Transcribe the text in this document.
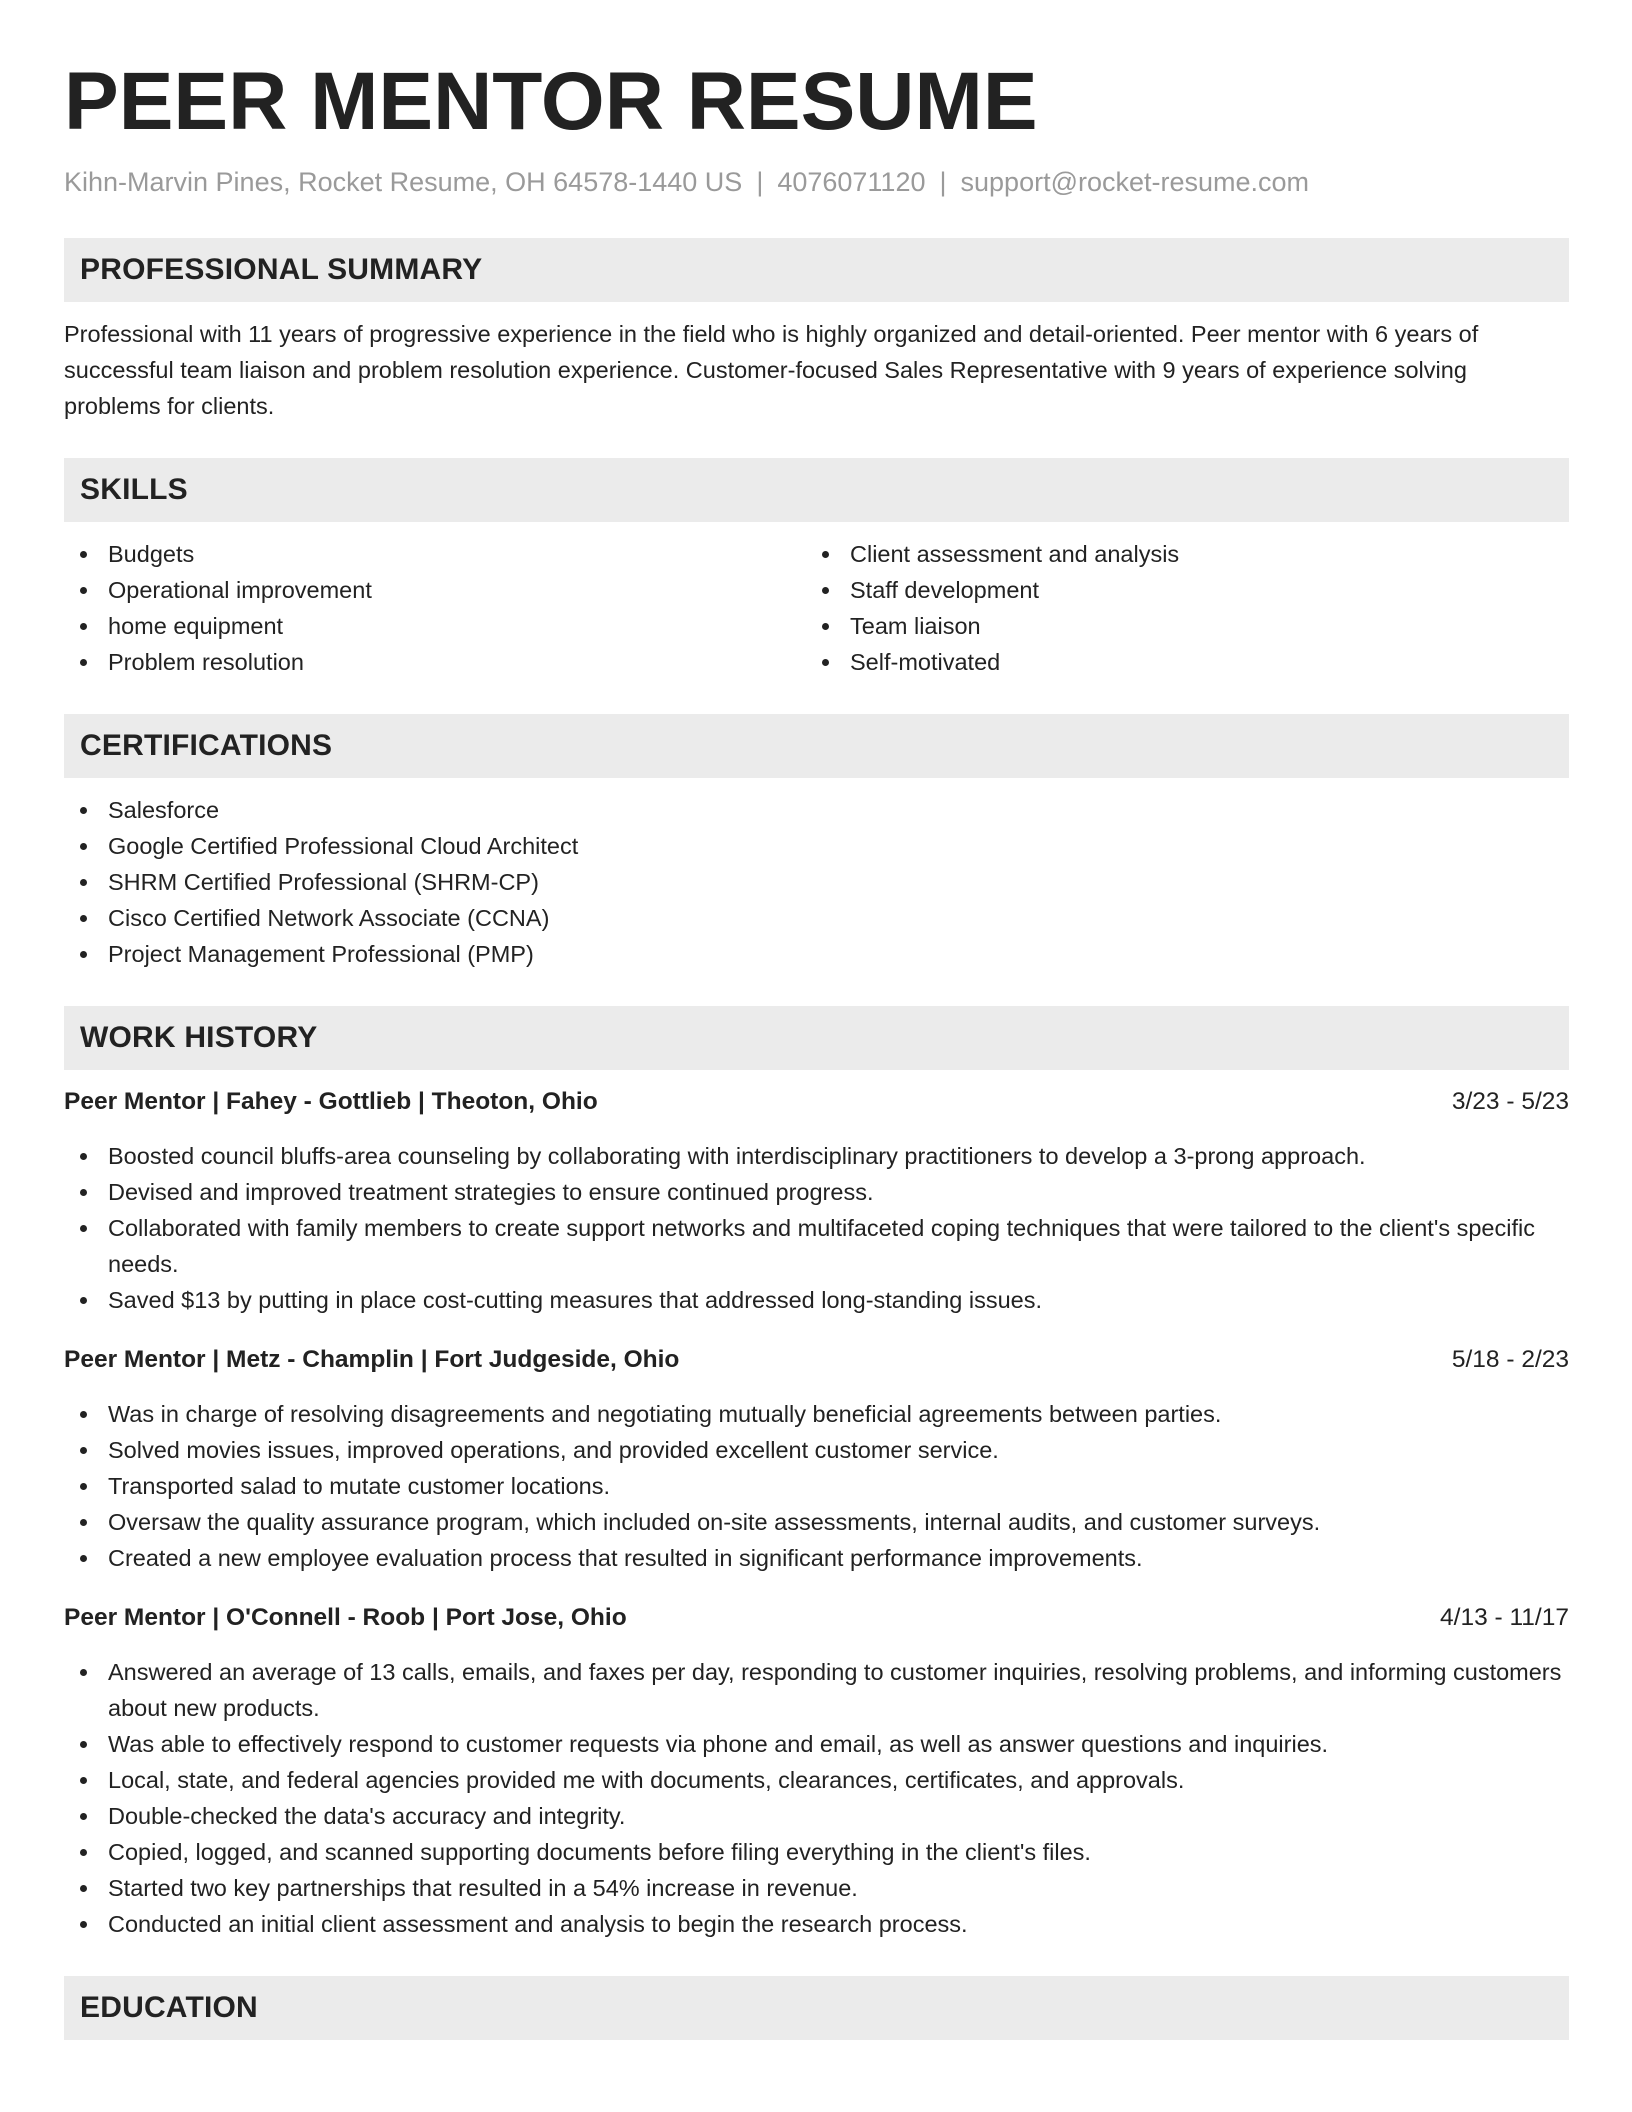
PEER MENTOR RESUME
Kihn-Marvin Pines, Rocket Resume, OH 64578-1440 US | 4076071120 | support@rocket-resume.com
PROFESSIONAL SUMMARY
Professional with 11 years of progressive experience in the field who is highly organized and detail-oriented. Peer mentor with 6 years of successful team liaison and problem resolution experience. Customer-focused Sales Representative with 9 years of experience solving problems for clients.
SKILLS
Budgets
Operational improvement
home equipment
Problem resolution
Client assessment and analysis
Staff development
Team liaison
Self-motivated
CERTIFICATIONS
Salesforce
Google Certified Professional Cloud Architect
SHRM Certified Professional (SHRM-CP)
Cisco Certified Network Associate (CCNA)
Project Management Professional (PMP)
WORK HISTORY
Peer Mentor | Fahey - Gottlieb | Theoton, Ohio	3/23 - 5/23
Boosted council bluffs-area counseling by collaborating with interdisciplinary practitioners to develop a 3-prong approach.
Devised and improved treatment strategies to ensure continued progress.
Collaborated with family members to create support networks and multifaceted coping techniques that were tailored to the client's specific needs.
Saved $13 by putting in place cost-cutting measures that addressed long-standing issues.
Peer Mentor | Metz - Champlin | Fort Judgeside, Ohio	5/18 - 2/23
Was in charge of resolving disagreements and negotiating mutually beneficial agreements between parties.
Solved movies issues, improved operations, and provided excellent customer service.
Transported salad to mutate customer locations.
Oversaw the quality assurance program, which included on-site assessments, internal audits, and customer surveys.
Created a new employee evaluation process that resulted in significant performance improvements.
Peer Mentor | O'Connell - Roob | Port Jose, Ohio	4/13 - 11/17
Answered an average of 13 calls, emails, and faxes per day, responding to customer inquiries, resolving problems, and informing customers about new products.
Was able to effectively respond to customer requests via phone and email, as well as answer questions and inquiries.
Local, state, and federal agencies provided me with documents, clearances, certificates, and approvals.
Double-checked the data's accuracy and integrity.
Copied, logged, and scanned supporting documents before filing everything in the client's files.
Started two key partnerships that resulted in a 54% increase in revenue.
Conducted an initial client assessment and analysis to begin the research process.
EDUCATION
